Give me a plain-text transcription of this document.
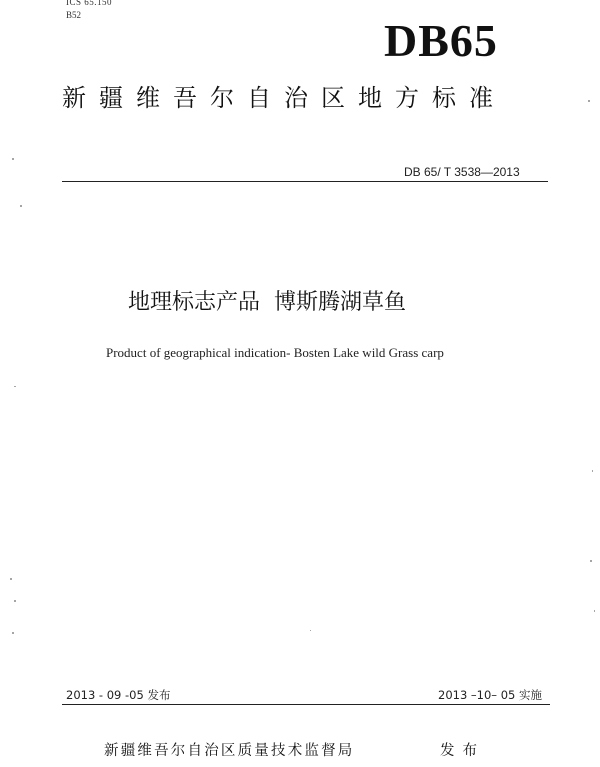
ICS 65.150
B52	DB65
新疆维吾尔自治区地方标准
DB 65/ T 3538—2013
地理标志产品  博斯腾湖草鱼
Product of geographical indication- Bosten Lake wild Grass carp
2013 - 09 -05 发布	2013 –10– 05 实施
新疆维吾尔自治区质量技术监督局	发布
